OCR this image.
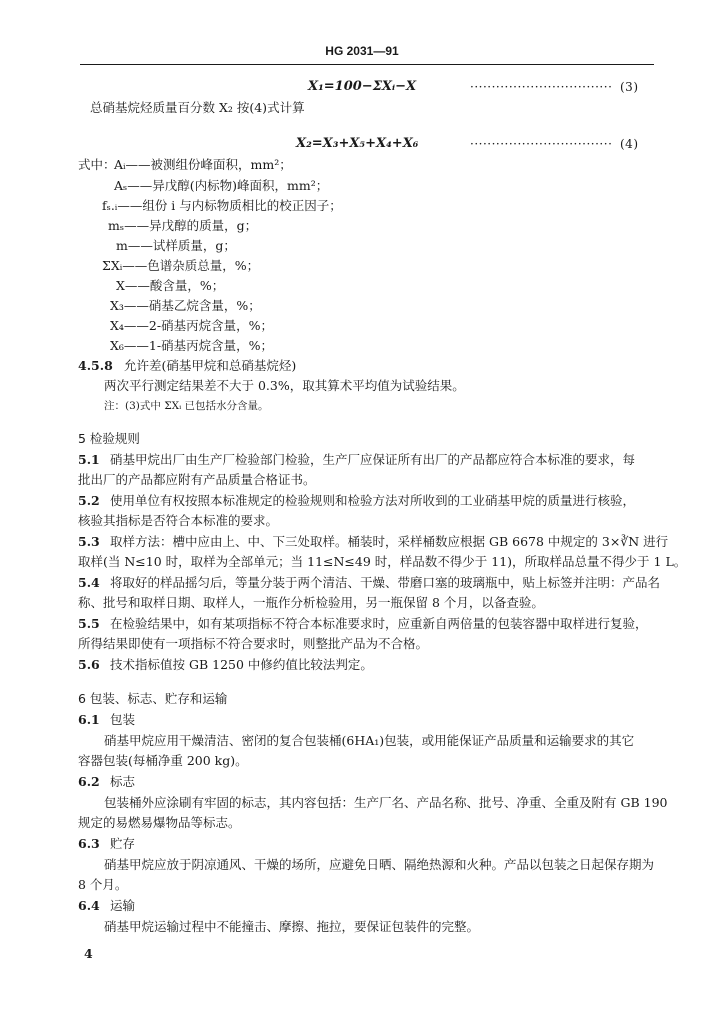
HG 2031—91
X₁=100−ΣXᵢ−X	································· (3)
总硝基烷烃质量百分数 X₂ 按(4)式计算
X₂=X₃+X₅+X₄+X₆	································· (4)
式中：
Aᵢ——被测组份峰面积，mm²；
Aₛ——异戊醇(内标物)峰面积，mm²；
fₛ.ᵢ——组份 i 与内标物质相比的校正因子；
mₛ——异戊醇的质量，g；
m——试样质量，g；
ΣXᵢ——色谱杂质总量，%；
X——酸含量，%；
X₃——硝基乙烷含量，%；
X₄——2-硝基丙烷含量，%；
X₆——1-硝基丙烷含量，%；
4.5.8 允许差(硝基甲烷和总硝基烷烃)
两次平行测定结果差不大于 0.3%，取其算术平均值为试验结果。
注：(3)式中 ΣXᵢ 已包括水分含量。
5 检验规则
5.1 硝基甲烷出厂由生产厂检验部门检验，生产厂应保证所有出厂的产品都应符合本标准的要求，每
批出厂的产品都应附有产品质量合格证书。
5.2 使用单位有权按照本标准规定的检验规则和检验方法对所收到的工业硝基甲烷的质量进行核验，
核验其指标是否符合本标准的要求。
5.3 取样方法：槽中应由上、中、下三处取样。桶装时，采样桶数应根据 GB 6678 中规定的 3×∛N 进行
取样(当 N≤10 时，取样为全部单元；当 11≤N≤49 时，样品数不得少于 11)，所取样品总量不得少于 1 L。
5.4 将取好的样品摇匀后，等量分装于两个清洁、干燥、带磨口塞的玻璃瓶中，贴上标签并注明：产品名
称、批号和取样日期、取样人，一瓶作分析检验用，另一瓶保留 8 个月，以备查验。
5.5 在检验结果中，如有某项指标不符合本标准要求时，应重新自两倍量的包装容器中取样进行复验，
所得结果即使有一项指标不符合要求时，则整批产品为不合格。
5.6 技术指标值按 GB 1250 中修约值比较法判定。
6 包装、标志、贮存和运输
6.1 包装
硝基甲烷应用干燥清洁、密闭的复合包装桶(6HA₁)包装，或用能保证产品质量和运输要求的其它
容器包装(每桶净重 200 kg)。
6.2 标志
包装桶外应涂刷有牢固的标志，其内容包括：生产厂名、产品名称、批号、净重、全重及附有 GB 190
规定的易燃易爆物品等标志。
6.3 贮存
硝基甲烷应放于阴凉通风、干燥的场所，应避免日晒、隔绝热源和火种。产品以包装之日起保存期为
8 个月。
6.4 运输
硝基甲烷运输过程中不能撞击、摩擦、拖拉，要保证包装件的完整。
4
